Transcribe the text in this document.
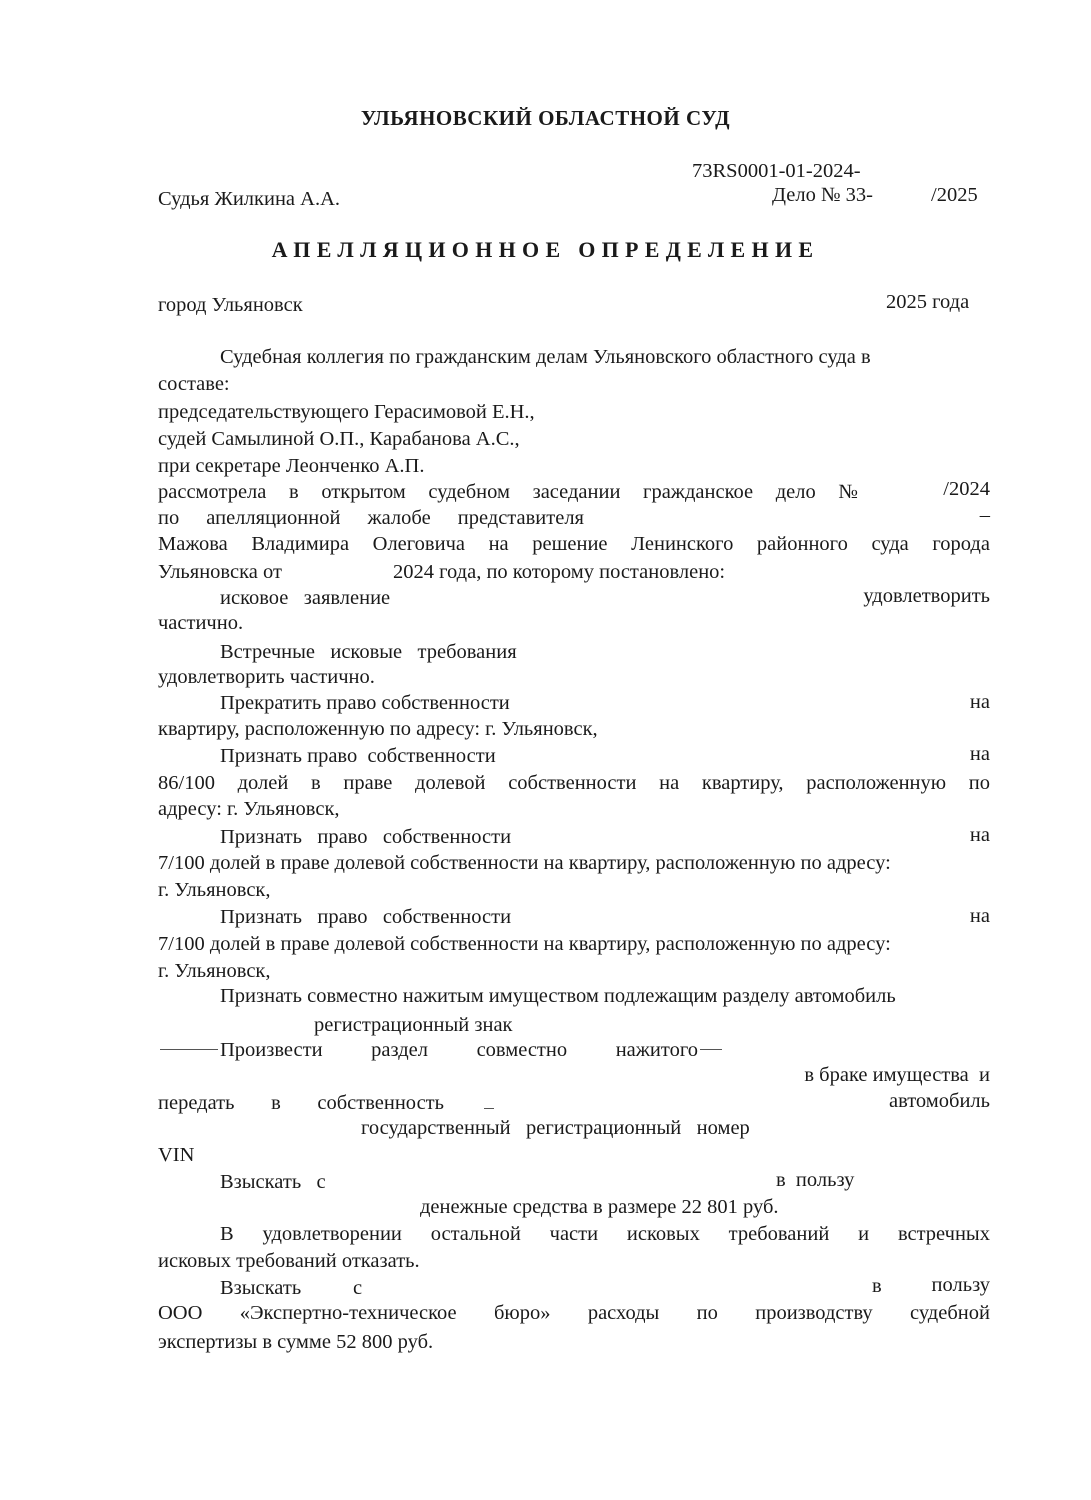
УЛЬЯНОВСКИЙ ОБЛАСТНОЙ СУД
73RS0001-01-2024-
Судья Жилкина А.А.	Дело № 33-	/2025
АПЕЛЛЯЦИОННОЕ ОПРЕДЕЛЕНИЕ
город Ульяновск	2025 года
Судебная коллегия по гражданским делам Ульяновского областного суда в
составе:
председательствующего Герасимовой Е.Н.,
судей Самылиной О.П., Карабанова А.С.,
при секретаре Леонченко А.П.
рассмотрела в открытом судебном заседании гражданское дело №	/2024
по апелляционной жалобе представителя	–
Мажова Владимира Олеговича на решение Ленинского районного суда города
Ульяновска от	2024 года, по которому постановлено:
исковое   заявление	удовлетворить
частично.
Встречные   исковые   требования
удовлетворить частично.
Прекратить право собственности	на
квартиру, расположенную по адресу: г. Ульяновск,
Признать право  собственности	на
86/100 долей в праве долевой собственности на квартиру, расположенную по
адресу: г. Ульяновск,
Признать   право   собственности	на
7/100 долей в праве долевой собственности на квартиру, расположенную по адресу:
г. Ульяновск,
Признать   право   собственности	на
7/100 долей в праве долевой собственности на квартиру, расположенную по адресу:
г. Ульяновск,
Признать совместно нажитым имуществом подлежащим разделу автомобиль
регистрационный знак
Произвести раздел совместно нажитого
в браке имущества  и
передать в собственность	автомобиль
государственный   регистрационный   номер
VIN
Взыскать   с	в  пользу
денежные средства в размере 22 801 руб.
В удовлетворении остальной части исковых требований и встречных
исковых требований отказать.
Взыскать	с	в пользу
ООО «Экспертно-техническое бюро» расходы по производству судебной
экспертизы в сумме 52 800 руб.
